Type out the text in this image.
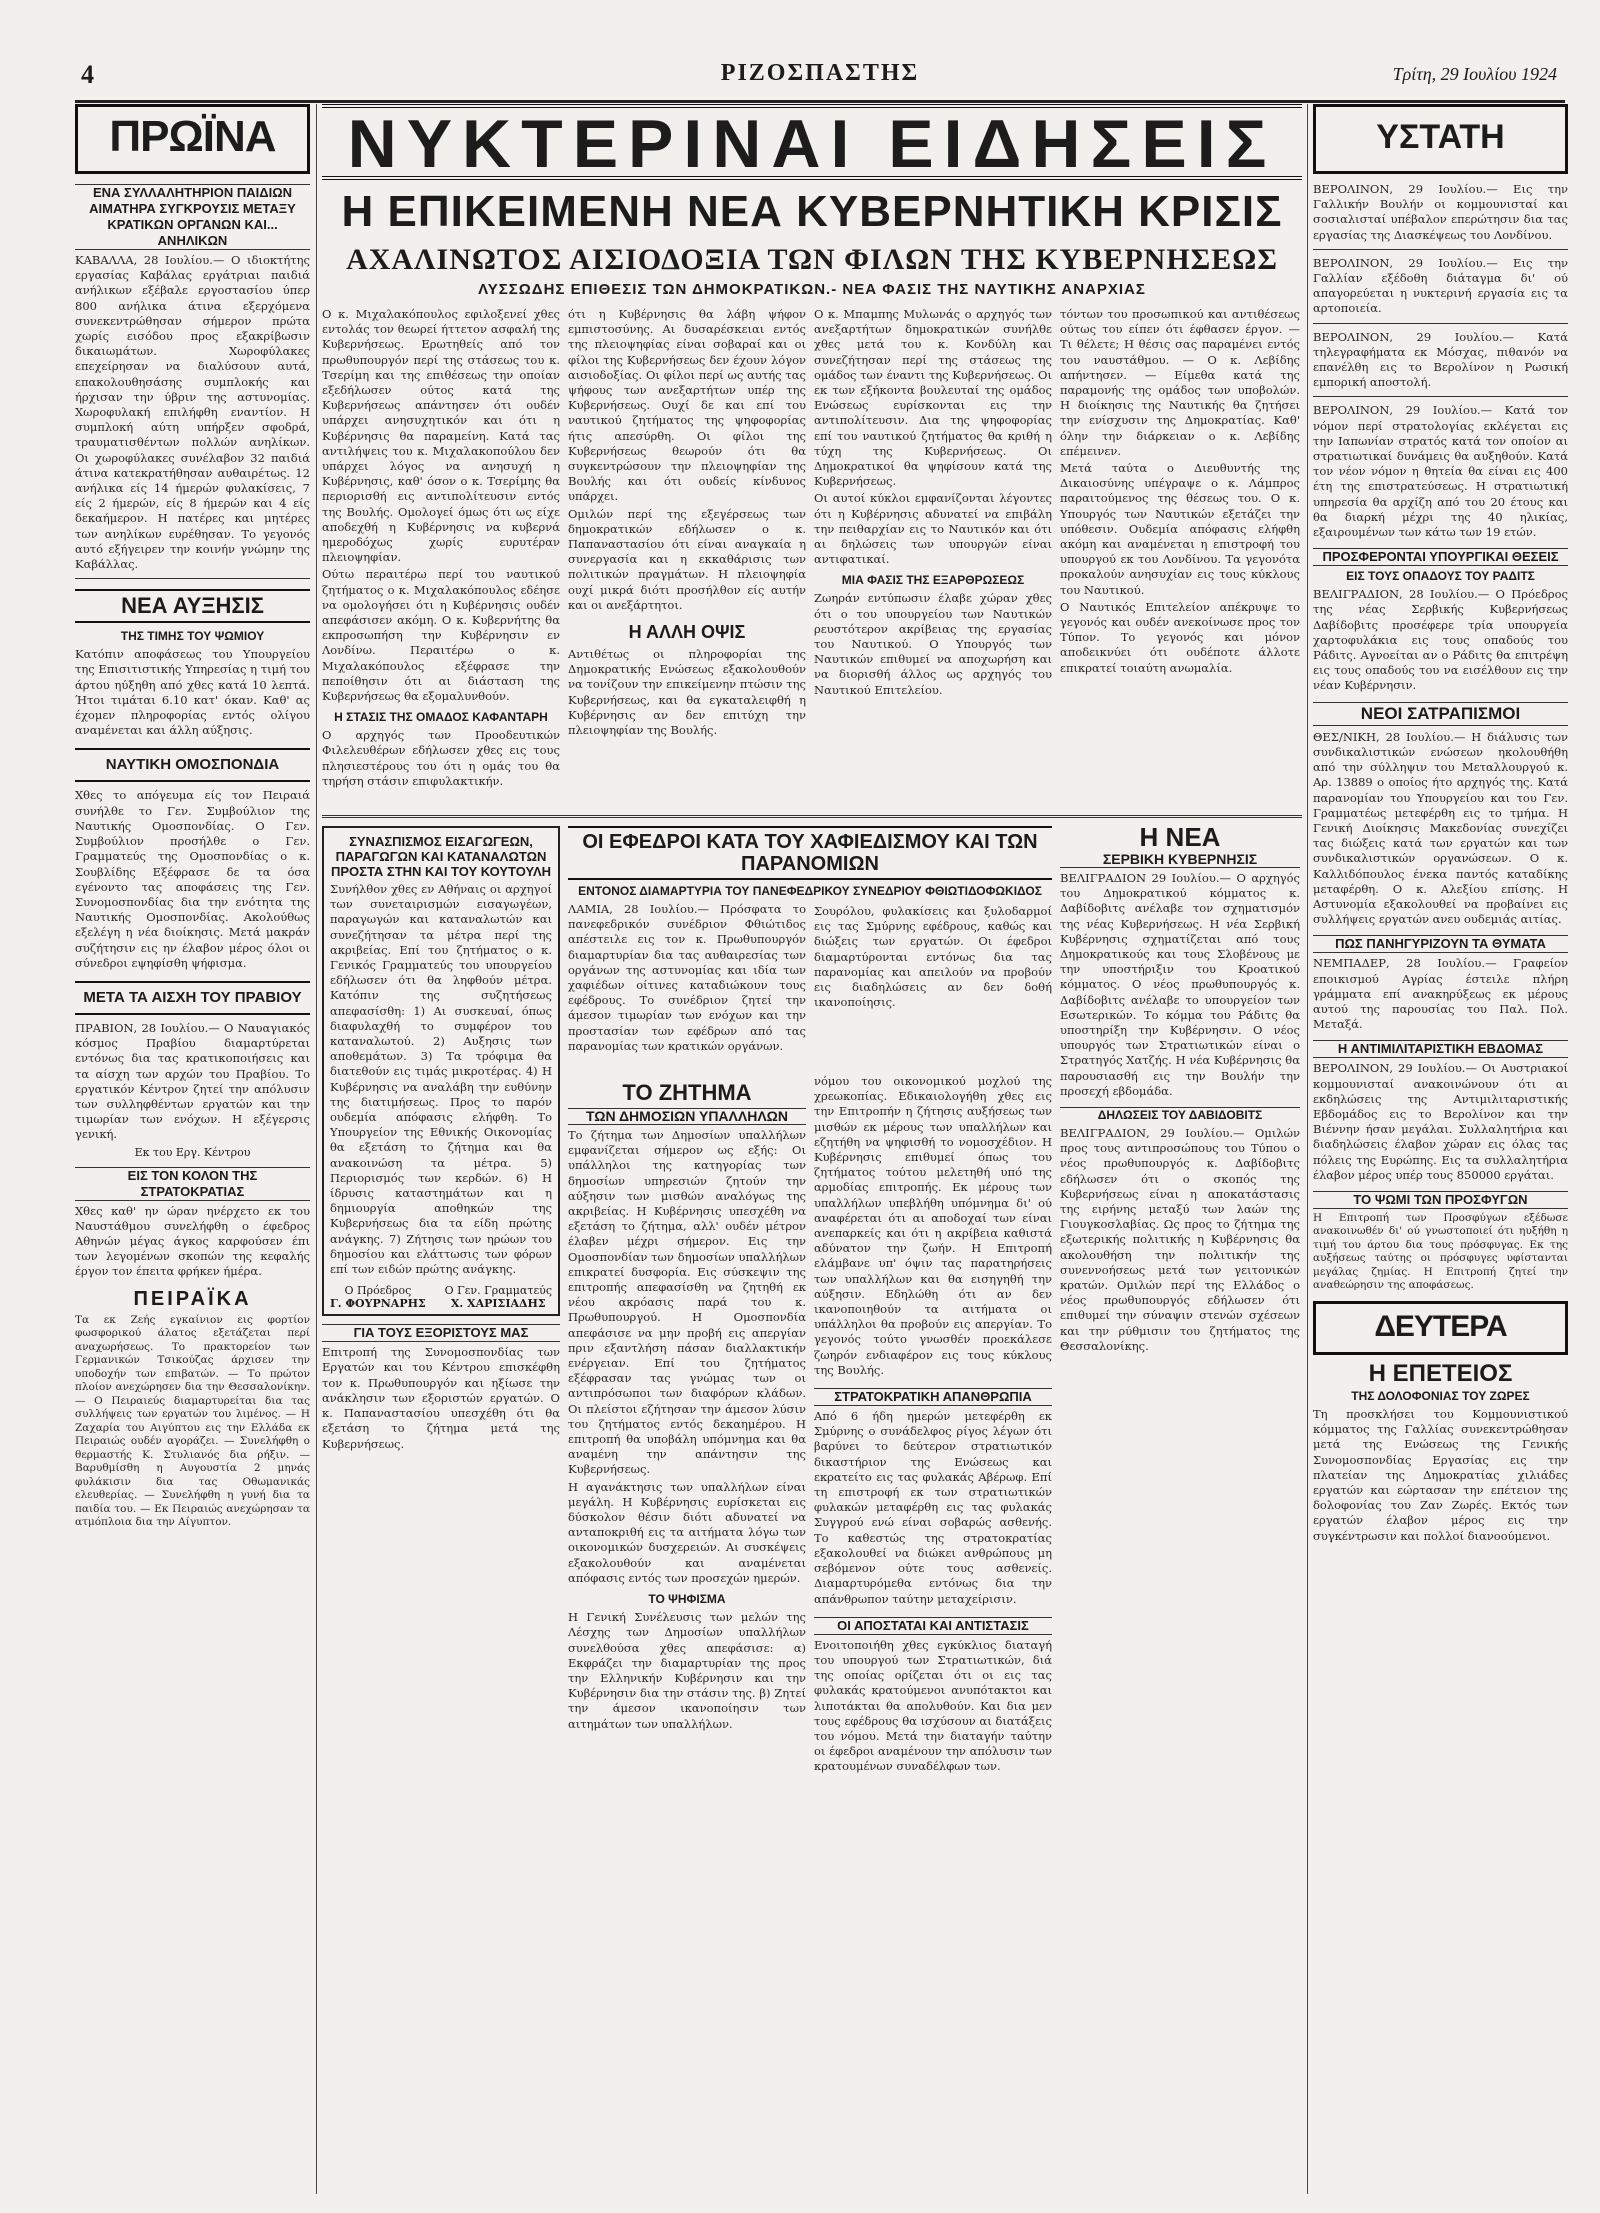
4	ΡΙΖΟΣΠΑΣΤΗΣ	Τρίτη, 29 Ιουλίου 1924
ΠΡΩΪΝΑ
ΕΝΑ ΣΥΛΛΑΛΗΤΗΡΙΟΝ ΠΑΙΔΙΩΝ ΑΙΜΑΤΗΡΑ ΣΥΓΚΡΟΥΣΙΣ ΜΕΤΑΞΥ ΚΡΑΤΙΚΩΝ ΟΡΓΑΝΩΝ ΚΑΙ... ΑΝΗΛΙΚΩΝ

ΚΑΒΑΛΛΑ, 28 Ιουλίου.— Ο ιδιοκτήτης εργασίας Καβάλας εργάτριαι παιδιά ανήλικων εξέβαλε εργοστασίου ύπερ 800 ανήλικα άτινα εξερχόμενα συνεκεντρώθησαν σήμερον πρώτα χωρίς εισόδου προς εξακρίβωσιν δικαιωμάτων. Χωροφύλακες επεχείρησαν να διαλύσουν αυτά, επακολουθησάσης συμπλοκής και ήρχισαν την ύβριν της αστυνομίας. Χωροφυλακή επιλήφθη εναντίον. Η συμπλοκή αύτη υπήρξεν σφοδρά, τραυματισθέντων πολλών ανηλίκων. Οι χωροφύλακες συνέλαβον 32 παιδιά άτινα κατεκρατήθησαν αυθαιρέτως. 12 ανήλικα είς 14 ήμερών φυλακίσεις, 7 είς 2 ήμερών, είς 8 ήμερών και 4 είς δεκαήμερον. Η πατέρες και μητέρες των ανηλίκων ευρέθησαν. Το γεγονός αυτό εξήγειρεν την κοινήν γνώμην της Καβάλλας.

ΝΕΑ ΑΥΞΗΣΙΣ
ΤΗΣ ΤΙΜΗΣ ΤΟΥ ΨΩΜΙΟΥ

Κατόπιν αποφάσεως του Υπουργείου της Επισιτιστικής Υπηρεσίας η τιμή του άρτου ηύξηθη από χθες κατά 10 λεπτά. Ήτοι τιμάται 6.10 κατ' όκαν. Καθ' ας έχομεν πληροφορίας εντός ολίγου αναμένεται και άλλη αύξησις.

ΝΑΥΤΙΚΗ ΟΜΟΣΠΟΝΔΙΑ

Χθες το απόγευμα είς τον Πειραιά συνήλθε το Γεν. Συμβούλιον της Ναυτικής Ομοσπονδίας. Ο Γεν. Συμβούλιον προσήλθε ο Γεν. Γραμματεύς της Ομοσπονδίας ο κ. Σουβλίδης Εξέφρασε δε τα όσα εγένοντο τας αποφάσεις της Γεν. Συνομοσπονδίας δια την ενότητα της Ναυτικής Ομοσπονδίας. Ακολούθως εξελέγη η νέα διοίκησις. Μετά μακράν συζήτησιν εις ην έλαβον μέρος όλοι οι σύνεδροι εψηφίσθη ψήφισμα.

ΜΕΤΑ ΤΑ ΑΙΣΧΗ ΤΟΥ ΠΡΑΒΙΟΥ

ΠΡΑΒΙΟΝ, 28 Ιουλίου.— Ο Ναυαγιακός κόσμος Πραβίου διαμαρτύρεται εντόνως δια τας κρατικοποιήσεις και τα αίσχη των αρχών του Πραβίου. Το εργατικόν Κέντρον ζητεί την απόλυσιν των συλληφθέντων εργατών και την τιμωρίαν των ενόχων. Η εξέγερσις γενική.

Εκ του Εργ. Κέντρου
ΕΙΣ ΤΟΝ ΚΟΛΟΝ ΤΗΣ ΣΤΡΑΤΟΚΡΑΤΙΑΣ

Χθες καθ' ην ώραν ηνέρχετο εκ του Ναυστάθμου συνελήφθη ο έφεδρος Αθηνών μέγας άγκος καρφούσεν έπι των λεγομένων σκοπών της κεφαλής έργον τον έπειτα φρήκεν ήμέρα.

ΠΕΙΡΑΪΚΑ

Τα εκ Ζεής εγκαίνιον εις φορτίον φωσφορικού άλατος εξετάζεται περί αναχωρήσεως. Το πρακτορείον των Γερμανικών Τσικούζας άρχισεν την υποδοχήν των επιβατών. — Το πρώτον πλοίον ανεχώρησεν δια την Θεσσαλονίκην. — Ο Πειραιεύς διαμαρτυρείται δια τας συλλήψεις των εργατών του λιμένος. — Η Ζαχαρία του Αιγύπτου εις την Ελλάδα εκ Πειραιώς ουδέν αγοράζει. — Συνελήφθη ο θερμαστής Κ. Στυλιανός δια ρήξιν. — Βαρυθμίσθη η Αυγουστία 2 μηνάς φυλάκισιν δια τας Οθωμανικάς ελευθερίας. — Συνελήφθη η γυνή δια τα παιδία του. — Εκ Πειραιώς ανεχώρησαν τα ατμόπλοια δια την Αίγυπτον.

ΝΥΚΤΕΡΙΝΑΙ ΕΙΔΗΣΕΙΣ
Η ΕΠΙΚΕΙΜΕΝΗ ΝΕΑ ΚΥΒΕΡΝΗΤΙΚΗ ΚΡΙΣΙΣ
ΑΧΑΛΙΝΩΤΟΣ ΑΙΣΙΟΔΟΞΙΑ ΤΩΝ ΦΙΛΩΝ ΤΗΣ ΚΥΒΕΡΝΗΣΕΩΣ
ΛΥΣΣΩΔΗΣ ΕΠΙΘΕΣΙΣ ΤΩΝ ΔΗΜΟΚΡΑΤΙΚΩΝ.- ΝΕΑ ΦΑΣΙΣ ΤΗΣ ΝΑΥΤΙΚΗΣ ΑΝΑΡΧΙΑΣ

Ο κ. Μιχαλακόπουλος εφιλοξενεί χθες εντολάς τον θεωρεί ήττετον ασφαλή της Κυβερνήσεως. Ερωτηθείς από τον πρωθυπουργόν περί της στάσεως του κ. Τσερίμη και της επιθέσεως την οποίαν εξεδήλωσεν ούτος κατά της Κυβερνήσεως απάντησεν ότι ουδέν υπάρχει ανησυχητικόν και ότι η Κυβέρνησις θα παραμείνη. Κατά τας αντιλήψεις του κ. Μιχαλακοπούλου δεν υπάρχει λόγος να ανησυχή η Κυβέρνησις, καθ' όσον ο κ. Τσερίμης θα περιορισθή εις αντιπολίτευσιν εντός της Βουλής. Ομολογεί όμως ότι ως είχε αποδεχθή η Κυβέρνησις να κυβερνά ημεροδόχως χωρίς ευρυτέραν πλειοψηφίαν.

Ούτω περαιτέρω περί του ναυτικού ζητήματος ο κ. Μιχαλακόπουλος εδέησε να ομολογήσει ότι η Κυβέρνησις ουδέν απεφάσισεν ακόμη. Ο κ. Κυβερνήτης θα εκπροσωπήση την Κυβέρνησιν εν Λονδίνω. Περαιτέρω ο κ. Μιχαλακόπουλος εξέφρασε την πεποίθησιν ότι αι διάσταση της Κυβερνήσεως θα εξομαλυνθούν.

Η ΣΤΑΣΙΣ ΤΗΣ ΟΜΑΔΟΣ ΚΑΦΑΝΤΑΡΗ

Ο αρχηγός των Προοδευτικών Φιλελευθέρων εδήλωσεν χθες εις τους πλησιεστέρους του ότι η ομάς του θα τηρήση στάσιν επιφυλακτικήν.

ότι η Κυβέρνησις θα λάβη ψήφον εμπιστοσύνης. Αι δυσαρέσκειαι εντός της πλειοψηφίας είναι σοβαραί και οι φίλοι της Κυβερνήσεως δεν έχουν λόγον αισιοδοξίας. Οι φίλοι περί ως αυτής τας ψήφους των ανεξαρτήτων υπέρ της Κυβερνήσεως. Ουχί δε και επί του ναυτικού ζητήματος της ψηφοφορίας ήτις απεσύρθη. Οι φίλοι της Κυβερνήσεως θεωρούν ότι θα συγκεντρώσουν την πλειοψηφίαν της Βουλής και ότι ουδείς κίνδυνος υπάρχει.

Ομιλών περί της εξεγέρσεως των δημοκρατικών εδήλωσεν ο κ. Παπαναστασίου ότι είναι αναγκαία η συνεργασία και η εκκαθάρισις των πολιτικών πραγμάτων. Η πλειοψηφία ουχί μικρά διότι προσήλθον είς αυτήν και οι ανεξάρτητοι.

Η ΑΛΛΗ ΟΨΙΣ

Αντιθέτως οι πληροφορίαι της Δημοκρατικής Ενώσεως εξακολουθούν να τονίζουν την επικείμενην πτώσιν της Κυβερνήσεως, και θα εγκαταλειφθή η Κυβέρνησις αν δεν επιτύχη την πλειοψηφίαν της Βουλής.

Ο κ. Μπαμπης Μυλωνάς ο αρχηγός των ανεξαρτήτων δημοκρατικών συνήλθε χθες μετά του κ. Κονδύλη και συνεζήτησαν περί της στάσεως της ομάδος των έναντι της Κυβερνήσεως. Οι εκ των εξήκοντα βουλευταί της ομάδος Ενώσεως ευρίσκονται εις την αντιπολίτευσιν. Δια της ψηφοφορίας επί του ναυτικού ζητήματος θα κριθή η τύχη της Κυβερνήσεως. Οι Δημοκρατικοί θα ψηφίσουν κατά της Κυβερνήσεως.

Οι αυτοί κύκλοι εμφανίζονται λέγοντες ότι η Κυβέρνησις αδυνατεί να επιβάλη την πειθαρχίαν εις το Ναυτικόν και ότι αι δηλώσεις των υπουργών είναι αντιφατικαί.

ΜΙΑ ΦΑΣΙΣ ΤΗΣ ΕΞΑΡΘΡΩΣΕΩΣ

Ζωηράν εντύπωσιν έλαβε χώραν χθες ότι ο του υπουργείου των Ναυτικών ρευστότερον ακρίβειας της εργασίας του Ναυτικού. Ο Υπουργός των Ναυτικών επιθυμεί να αποχωρήση και να διορισθή άλλος ως αρχηγός του Ναυτικού Επιτελείου.

τόντων του προσωπικού και αντιθέσεως ούτως του είπεν ότι έφθασεν έργον. — Τι θέλετε; Η θέσις σας παραμένει εντός του ναυστάθμου. — Ο κ. Λεβίδης απήντησεν. — Είμεθα κατά της παραμονής της ομάδος των υποβολών. Η διοίκησις της Ναυτικής θα ζητήσει την ενίσχυσιν της Δημοκρατίας. Καθ' όλην την διάρκειαν ο κ. Λεβίδης επέμεινεν.

Μετά ταύτα ο Διευθυντής της Δικαιοσύνης υπέγραψε ο κ. Λάμπρος παραιτούμενος της θέσεως του. Ο κ. Υπουργός των Ναυτικών εξετάζει την υπόθεσιν. Ουδεμία απόφασις ελήφθη ακόμη και αναμένεται η επιστροφή του υπουργού εκ του Λονδίνου. Τα γεγονότα προκαλούν ανησυχίαν εις τους κύκλους του Ναυτικού.

Ο Ναυτικός Επιτελείον απέκρυψε το γεγονός και ουδέν ανεκοίνωσε προς τον Τύπον. Το γεγονός και μόνον αποδεικνύει ότι ουδέποτε άλλοτε επικρατεί τοιαύτη ανωμαλία.

ΣΥΝΑΣΠΙΣΜΟΣ ΕΙΣΑΓΩΓΕΩΝ, ΠΑΡΑΓΩΓΩΝ ΚΑΙ ΚΑΤΑΝΑΛΩΤΩΝ ΠΡΟΣΤΑ ΣΤΗΝ ΚΑΙ ΤΟΥ ΚΟΥΤΟΥΛΗ

Συνήλθον χθες εν Αθήναις οι αρχηγοί των συνεταιρισμών εισαγωγέων, παραγωγών και καταναλωτών και συνεζήτησαν τα μέτρα περί της ακριβείας. Επί του ζητήματος ο κ. Γενικός Γραμματεύς του υπουργείου εδήλωσεν ότι θα ληφθούν μέτρα. Κατόπιν της συζητήσεως απεφασίσθη: 1) Αι συσκευαί, όπως διαφυλαχθή το συμφέρον του καταναλωτού. 2) Αυξησις των αποθεμάτων. 3) Τα τρόφιμα θα διατεθούν εις τιμάς μικροτέρας. 4) Η Κυβέρνησις να αναλάβη την ευθύνην της διατιμήσεως. Προς το παρόν ουδεμία απόφασις ελήφθη. Το Υπουργείον της Εθνικής Οικονομίας θα εξετάση το ζήτημα και θα ανακοινώση τα μέτρα. 5) Περιορισμός των κερδών. 6) Η ίδρυσις καταστημάτων και η δημιουργία αποθηκών της Κυβερνήσεως δια τα είδη πρώτης ανάγκης. 7) Ζήτησις των ηρώων του δημοσίου και ελάττωσις των φόρων επί των ειδών πρώτης ανάγκης.

Ο Πρόεδρος
Γ. ΦΟΥΡΝΑΡΗΣ
Ο Γεν. Γραμματεύς
Χ. ΧΑΡΙΣΙΑΔΗΣ
ΓΙΑ ΤΟΥΣ ΕΞΟΡΙΣΤΟΥΣ ΜΑΣ

Επιτροπή της Συνομοσπονδίας των Εργατών και του Κέντρου επισκέφθη τον κ. Πρωθυπουργόν και ηξίωσε την ανάκλησιν των εξοριστών εργατών. Ο κ. Παπαναστασίου υπεσχέθη ότι θα εξετάση το ζήτημα μετά της Κυβερνήσεως.

ΟΙ ΕΦΕΔΡΟΙ ΚΑΤΑ ΤΟΥ ΧΑΦΙΕΔΙΣΜΟΥ ΚΑΙ ΤΩΝ ΠΑΡΑΝΟΜΙΩΝ
ΕΝΤΟΝΟΣ ΔΙΑΜΑΡΤΥΡΙΑ ΤΟΥ ΠΑΝΕΦΕΔΡΙΚΟΥ ΣΥΝΕΔΡΙΟΥ ΦΘΙΩΤΙΔΟΦΩΚΙΔΟΣ

ΛΑΜΙΑ, 28 Ιουλίου.— Πρόσφατα το πανεφεδρικόν συνέδριον Φθιώτιδος απέστειλε εις τον κ. Πρωθυπουργόν διαμαρτυρίαν δια τας αυθαιρεσίας των οργάνων της αστυνομίας και ιδία των χαφιέδων οίτινες καταδιώκουν τους εφέδρους. Το συνέδριον ζητεί την άμεσον τιμωρίαν των ενόχων και την προστασίαν των εφέδρων από τας παρανομίας των κρατικών οργάνων.

Σουρόλου, φυλακίσεις και ξυλοδαρμοί εις τας Σμύρνης εφέδρους, καθώς και διώξεις των εργατών. Οι έφεδροι διαμαρτύρονται εντόνως δια τας παρανομίας και απειλούν να προβούν εις διαδηλώσεις αν δεν δοθή ικανοποίησις.

ΤΟ ΖΗΤΗΜΑ
ΤΩΝ ΔΗΜΟΣΙΩΝ ΥΠΑΛΛΗΛΩΝ

Το ζήτημα των Δημοσίων υπαλλήλων εμφανίζεται σήμερον ως εξής: Οι υπάλληλοι της κατηγορίας των δημοσίων υπηρεσιών ζητούν την αύξησιν των μισθών αναλόγως της ακριβείας. Η Κυβέρνησις υπεσχέθη να εξετάση το ζήτημα, αλλ' ουδέν μέτρον έλαβεν μέχρι σήμερον. Εις την Ομοσπονδίαν των δημοσίων υπαλλήλων επικρατεί δυσφορία. Εις σύσκεψιν της επιτροπής απεφασίσθη να ζητηθή εκ νέου ακρόασις παρά του κ. Πρωθυπουργού. Η Ομοσπονδία απεφάσισε να μην προβή εις απεργίαν πριν εξαντλήση πάσαν διαλλακτικήν ενέργειαν. Επί του ζητήματος εξέφρασαν τας γνώμας των οι αντιπρόσωποι των διαφόρων κλάδων. Οι πλείστοι εζήτησαν την άμεσον λύσιν του ζητήματος εντός δεκαημέρου. Η επιτροπή θα υποβάλη υπόμνημα και θα αναμένη την απάντησιν της Κυβερνήσεως.

Η αγανάκτησις των υπαλλήλων είναι μεγάλη. Η Κυβέρνησις ευρίσκεται εις δύσκολον θέσιν διότι αδυνατεί να ανταποκριθή εις τα αιτήματα λόγω των οικονομικών δυσχερειών. Αι συσκέψεις εξακολουθούν και αναμένεται απόφασις εντός των προσεχών ημερών.

ΤΟ ΨΗΦΙΣΜΑ

Η Γενική Συνέλευσις των μελών της Λέσχης των Δημοσίων υπαλλήλων συνελθούσα χθες απεφάσισε: α) Εκφράζει την διαμαρτυρίαν της προς την Ελληνικήν Κυβέρνησιν και την Κυβέρνησιν δια την στάσιν της. β) Ζητεί την άμεσον ικανοποίησιν των αιτημάτων των υπαλλήλων.

νόμου του οικονομικού μοχλού της χρεωκοπίας. Εδικαιολογήθη χθες εις την Επιτροπήν η ζήτησις αυξήσεως των μισθών εκ μέρους των υπαλλήλων και εζητήθη να ψηφισθή το νομοσχέδιον. Η Κυβέρνησις επιθυμεί όπως του ζητήματος τούτου μελετηθή υπό της αρμοδίας επιτροπής. Εκ μέρους των υπαλλήλων υπεβλήθη υπόμνημα δι' ού αναφέρεται ότι αι αποδοχαί των είναι ανεπαρκείς και ότι η ακρίβεια καθιστά αδύνατον την ζωήν. Η Επιτροπή ελάμβανε υπ' όψιν τας παρατηρήσεις των υπαλλήλων και θα εισηγηθή την αύξησιν. Εδηλώθη ότι αν δεν ικανοποιηθούν τα αιτήματα οι υπάλληλοι θα προβούν εις απεργίαν. Το γεγονός τούτο γνωσθέν προεκάλεσε ζωηρόν ενδιαφέρον εις τους κύκλους της Βουλής.

ΣΤΡΑΤΟΚΡΑΤΙΚΗ ΑΠΑΝΘΡΩΠΙΑ

Από 6 ήδη ημερών μετεφέρθη εκ Σμύρνης ο συνάδελφος ρίγος λέγων ότι βαρύνει το δεύτερον στρατιωτικόν δικαστήριον της Ενώσεως και εκρατείτο εις τας φυλακάς Αβέρωφ. Επί τη επιστροφή εκ των στρατιωτικών φυλακών μεταφέρθη εις τας φυλακάς Συγγρού ενώ είναι σοβαρώς ασθενής. Το καθεστώς της στρατοκρατίας εξακολουθεί να διώκει ανθρώπους μη σεβόμενον ούτε τους ασθενείς. Διαμαρτυρόμεθα εντόνως δια την απάνθρωπον ταύτην μεταχείρισιν.

ΟΙ ΑΠΟΣΤΑΤΑΙ ΚΑΙ ΑΝΤΙΣΤΑΣΙΣ

Ενοιτοποιήθη χθες εγκύκλιος διαταγή του υπουργού των Στρατιωτικών, διά της οποίας ορίζεται ότι οι εις τας φυλακάς κρατούμενοι ανυπότακτοι και λιποτάκται θα απολυθούν. Και δια μεν τους εφέδρους θα ισχύσουν αι διατάξεις του νόμου. Μετά την διαταγήν ταύτην οι έφεδροι αναμένουν την απόλυσιν των κρατουμένων συναδέλφων των.

Η ΝΕΑ
ΣΕΡΒΙΚΗ ΚΥΒΕΡΝΗΣΙΣ

ΒΕΛΙΓΡΑΔΙΟΝ 29 Ιουλίου.— Ο αρχηγός του Δημοκρατικού κόμματος κ. Δαβίδοβιτς ανέλαβε τον σχηματισμόν της νέας Κυβερνήσεως. Η νέα Σερβική Κυβέρνησις σχηματίζεται από τους Δημοκρατικούς και τους Σλοβένους με την υποστήριξιν του Κροατικού κόμματος. Ο νέος πρωθυπουργός κ. Δαβίδοβιτς ανέλαβε το υπουργείον των Εσωτερικών. Το κόμμα του Ράδιτς θα υποστηρίξη την Κυβέρνησιν. Ο νέος υπουργός των Στρατιωτικών είναι ο Στρατηγός Χατζής. Η νέα Κυβέρνησις θα παρουσιασθή εις την Βουλήν την προσεχή εβδομάδα.

ΔΗΛΩΣΕΙΣ ΤΟΥ ΔΑΒΙΔΟΒΙΤΣ

ΒΕΛΙΓΡΑΔΙΟΝ, 29 Ιουλίου.— Ομιλών προς τους αντιπροσώπους του Τύπου ο νέος πρωθυπουργός κ. Δαβίδοβιτς εδήλωσεν ότι ο σκοπός της Κυβερνήσεως είναι η αποκατάστασις της ειρήνης μεταξύ των λαών της Γιουγκοσλαβίας. Ως προς το ζήτημα της εξωτερικής πολιτικής η Κυβέρνησις θα ακολουθήση την πολιτικήν της συνεννοήσεως μετά των γειτονικών κρατών. Ομιλών περί της Ελλάδος ο νέος πρωθυπουργός εδήλωσεν ότι επιθυμεί την σύναψιν στενών σχέσεων και την ρύθμισιν του ζητήματος της Θεσσαλονίκης.

ΥΣΤΑΤΗ

ΒΕΡΟΛΙΝΟΝ, 29 Ιουλίου.— Εις την Γαλλικήν Βουλήν οι κομμουνισταί και σοσιαλισταί υπέβαλον επερώτησιν δια τας εργασίας της Διασκέψεως του Λονδίνου.

ΒΕΡΟΛΙΝΟΝ, 29 Ιουλίου.— Εις την Γαλλίαν εξέδοθη διάταγμα δι' ού απαγορεύεται η νυκτερινή εργασία εις τα αρτοποιεία.

ΒΕΡΟΛΙΝΟΝ, 29 Ιουλίου.— Κατά τηλεγραφήματα εκ Μόσχας, πιθανόν να επανέλθη εις το Βερολίνον η Ρωσική εμπορική αποστολή.

ΒΕΡΟΛΙΝΟΝ, 29 Ιουλίου.— Κατά τον νόμον περί στρατολογίας εκλέγεται εις την Ιαπωνίαν στρατός κατά τον οποίον αι στρατιωτικαί δυνάμεις θα αυξηθούν. Κατά τον νέον νόμον η θητεία θα είναι εις 400 έτη της επιστρατεύσεως. Η στρατιωτική υπηρεσία θα αρχίζη από του 20 έτους και θα διαρκή μέχρι της 40 ηλικίας, εξαιρουμένων των κάτω των 19 ετών.

ΠΡΟΣΦΕΡΟΝΤΑΙ ΥΠΟΥΡΓΙΚΑΙ ΘΕΣΕΙΣ
ΕΙΣ ΤΟΥΣ ΟΠΑΔΟΥΣ ΤΟΥ ΡΑΔΙΤΣ

ΒΕΛΙΓΡΑΔΙΟΝ, 28 Ιουλίου.— Ο Πρόεδρος της νέας Σερβικής Κυβερνήσεως Δαβίδοβιτς προσέφερε τρία υπουργεία χαρτοφυλάκια εις τους οπαδούς του Ράδιτς. Αγνοείται αν ο Ράδιτς θα επιτρέψη εις τους οπαδούς του να εισέλθουν εις την νέαν Κυβέρνησιν.

ΝΕΟΙ ΣΑΤΡΑΠΙΣΜΟΙ

ΘΕΣ/ΝΙΚΗ, 28 Ιουλίου.— Η διάλυσις των συνδικαλιστικών ενώσεων ηκολουθήθη από την σύλληψιν του Μεταλλουργού κ. Αρ. 13889 ο οποίος ήτο αρχηγός της. Κατά παρανομίαν του Υπουργείου και του Γεν. Γραμματέως μετεφέρθη εις το τμήμα. Η Γενική Διοίκησις Μακεδονίας συνεχίζει τας διώξεις κατά των εργατών και των συνδικαλιστικών οργανώσεων. Ο κ. Καλλιδόπουλος ένεκα παντός καταδίκης μεταφέρθη. Ο κ. Αλεξίου επίσης. Η Αστυνομία εξακολουθεί να προβαίνει εις συλλήψεις εργατών ανευ ουδεμιάς αιτίας.

ΠΩΣ ΠΑΝΗΓΥΡΙΖΟΥΝ ΤΑ ΘΥΜΑΤΑ

ΝΕΜΠΑΔΕΡ, 28 Ιουλίου.— Γραφείον εποικισμού Αγρίας έστειλε πλήρη γράμματα επί ανακηρύξεως εκ μέρους αυτού της παρουσίας του Παλ. Πολ. Μεταξά.

Η ΑΝΤΙΜΙΛΙΤΑΡΙΣΤΙΚΗ ΕΒΔΟΜΑΣ

ΒΕΡΟΛΙΝΟΝ, 29 Ιουλίου.— Οι Αυστριακοί κομμουνισταί ανακοινώνουν ότι αι εκδηλώσεις της Αντιμιλιταριστικής Εβδομάδος εις το Βερολίνον και την Βιέννην ήσαν μεγάλαι. Συλλαλητήρια και διαδηλώσεις έλαβον χώραν εις όλας τας πόλεις της Ευρώπης. Εις τα συλλαλητήρια έλαβον μέρος υπέρ τους 850000 εργάται.

ΤΟ ΨΩΜΙ ΤΩΝ ΠΡΟΣΦΥΓΩΝ

Η Επιτροπή των Προσφύγων εξέδωσε ανακοινωθέν δι' ού γνωστοποιεί ότι ηυξήθη η τιμή του άρτου δια τους πρόσφυγας. Εκ της αυξήσεως ταύτης οι πρόσφυγες υφίστανται μεγάλας ζημίας. Η Επιτροπή ζητεί την αναθεώρησιν της αποφάσεως.

ΔΕΥΤΕΡΑ
Η ΕΠΕΤΕΙΟΣ
ΤΗΣ ΔΟΛΟΦΟΝΙΑΣ ΤΟΥ ΖΩΡΕΣ

Τη προσκλήσει του Κομμουνιστικού κόμματος της Γαλλίας συνεκεντρώθησαν μετά της Ενώσεως της Γενικής Συνομοσπονδίας Εργασίας εις την πλατείαν της Δημοκρατίας χιλιάδες εργατών και εώρτασαν την επέτειον της δολοφονίας του Ζαν Ζωρές. Εκτός των εργατών έλαβον μέρος εις την συγκέντρωσιν και πολλοί διανοούμενοι.
